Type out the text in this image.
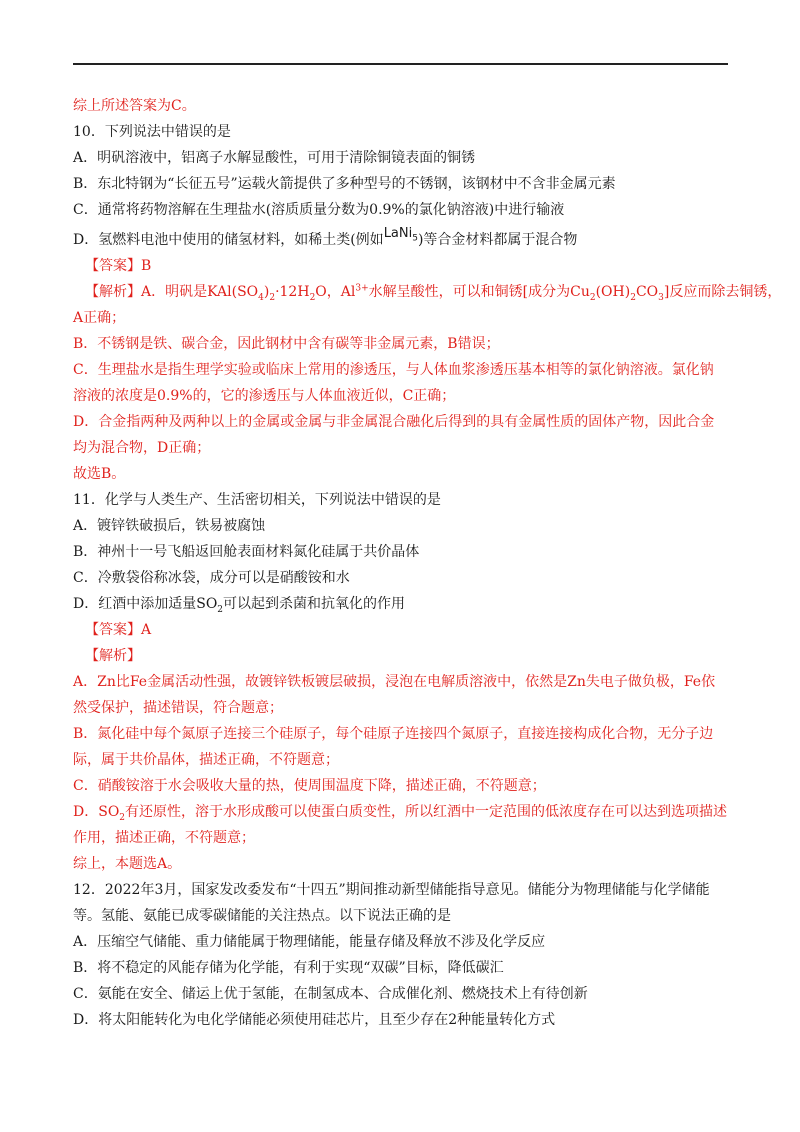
综上所述答案为C。
10．下列说法中错误的是
A．明矾溶液中，铝离子水解显酸性，可用于清除铜镜表面的铜锈
B．东北特钢为“长征五号”运载火箭提供了多种型号的不锈钢，该钢材中不含非金属元素
C．通常将药物溶解在生理盐水(溶质质量分数为0.9%的氯化钠溶液)中进行输液
D．氢燃料电池中使用的储氢材料，如稀土类(例如LaNi$_5$)等合金材料都属于混合物
【答案】B
【解析】A．明矾是$KAl(SO_4)_2\cdot 12H_2O$，$Al^{3+}$水解呈酸性，可以和铜锈[成分为$Cu_2(OH)_2CO_3$]反应而除去铜锈，
A正确；
B．不锈钢是铁、碳合金，因此钢材中含有碳等非金属元素，B错误；
C．生理盐水是指生理学实验或临床上常用的渗透压，与人体血浆渗透压基本相等的氯化钠溶液。氯化钠
溶液的浓度是0.9%的，它的渗透压与人体血液近似，C正确；
D．合金指两种及两种以上的金属或金属与非金属混合融化后得到的具有金属性质的固体产物，因此合金
均为混合物，D正确；
故选B。
11．化学与人类生产、生活密切相关，下列说法中错误的是
A．镀锌铁破损后，铁易被腐蚀
B．神州十一号飞船返回舱表面材料氮化硅属于共价晶体
C．冷敷袋俗称冰袋，成分可以是硝酸铵和水
D．红酒中添加适量$SO_2$可以起到杀菌和抗氧化的作用
【答案】A
【解析】
A．Zn比Fe金属活动性强，故镀锌铁板镀层破损，浸泡在电解质溶液中，依然是Zn失电子做负极，Fe依
然受保护，描述错误，符合题意；
B．氮化硅中每个氮原子连接三个硅原子，每个硅原子连接四个氮原子，直接连接构成化合物，无分子边
际，属于共价晶体，描述正确，不符题意；
C．硝酸铵溶于水会吸收大量的热，使周围温度下降，描述正确，不符题意；
D．$SO_2$有还原性，溶于水形成酸可以使蛋白质变性，所以红酒中一定范围的低浓度存在可以达到选项描述
作用，描述正确，不符题意；
综上，本题选A。
12．2022年3月，国家发改委发布“十四五”期间推动新型储能指导意见。储能分为物理储能与化学储能
等。氢能、氨能已成零碳储能的关注热点。以下说法正确的是
A．压缩空气储能、重力储能属于物理储能，能量存储及释放不涉及化学反应
B．将不稳定的风能存储为化学能，有利于实现“双碳”目标，降低碳汇
C．氨能在安全、储运上优于氢能，在制氢成本、合成催化剂、燃烧技术上有待创新
D．将太阳能转化为电化学储能必须使用硅芯片，且至少存在2种能量转化方式
